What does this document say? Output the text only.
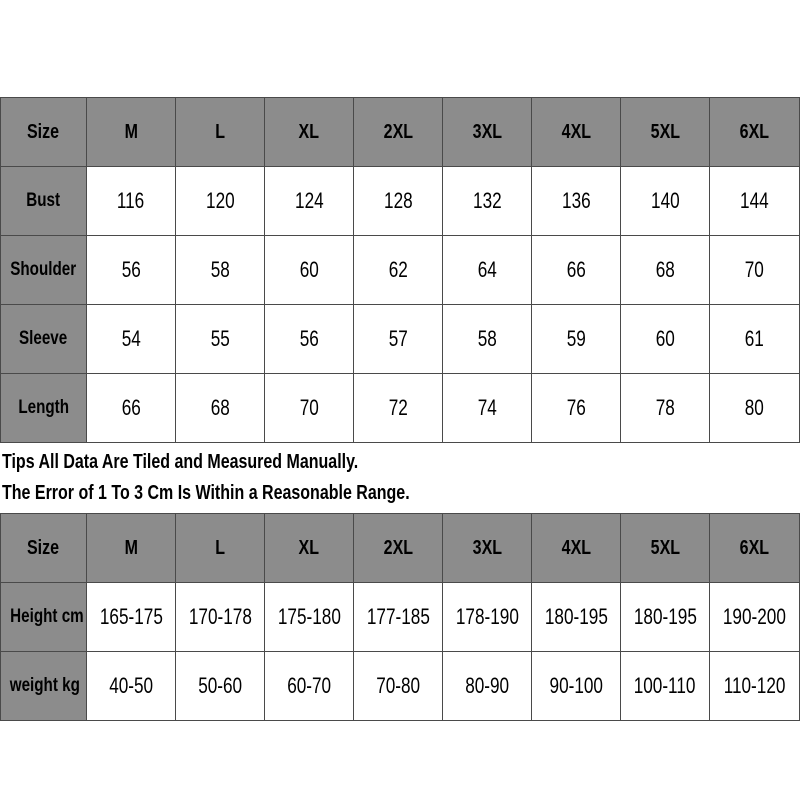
Size	M	L	XL	2XL	3XL	4XL	5XL	6XL
Bust	116	120	124	128	132	136	140	144
Shoulder	56	58	60	62	64	66	68	70
Sleeve	54	55	56	57	58	59	60	61
Length	66	68	70	72	74	76	78	80
Tips All Data Are Tiled and Measured Manually.
The Error of 1 To 3 Cm Is Within a Reasonable Range.
Size	M	L	XL	2XL	3XL	4XL	5XL	6XL
Height cm	165-175	170-178	175-180	177-185	178-190	180-195	180-195	190-200
weight kg	40-50	50-60	60-70	70-80	80-90	90-100	100-110	110-120
